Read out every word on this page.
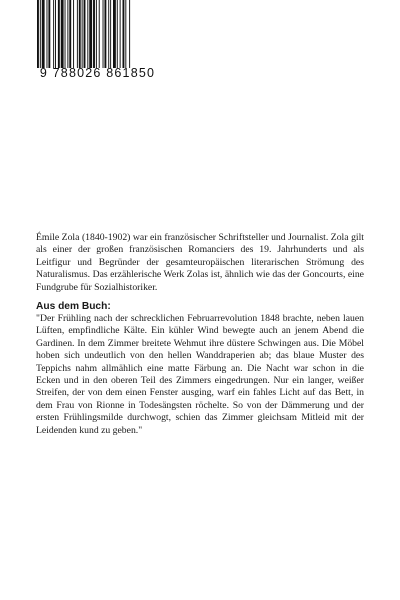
9 788026 861850

Émile Zola (1840-1902) war ein französischer Schriftsteller und Journalist. Zola gilt als einer der großen französischen Romanciers des 19. Jahrhunderts und als Leitfigur und Begründer der gesamteuropäischen literarischen Strömung des Naturalismus. Das erzählerische Werk Zolas ist, ähnlich wie das der Goncourts, eine Fundgrube für Sozialhistoriker.

Aus dem Buch:

"Der Frühling nach der schrecklichen Februarrevolution 1848 brachte, neben lauen Lüften, empfindliche Kälte. Ein kühler Wind bewegte auch an jenem Abend die Gardinen. In dem Zimmer breitete Wehmut ihre düstere Schwingen aus. Die Möbel hoben sich undeutlich von den hellen Wanddraperien ab; das blaue Muster des Teppichs nahm allmählich eine matte Färbung an. Die Nacht war schon in die Ecken und in den oberen Teil des Zimmers eingedrungen. Nur ein langer, weißer Streifen, der von dem einen Fenster ausging, warf ein fahles Licht auf das Bett, in dem Frau von Rionne in Todesängsten röchelte. So von der Dämmerung und der ersten Frühlingsmilde durchwogt, schien das Zimmer gleichsam Mitleid mit der Leidenden kund zu geben."
